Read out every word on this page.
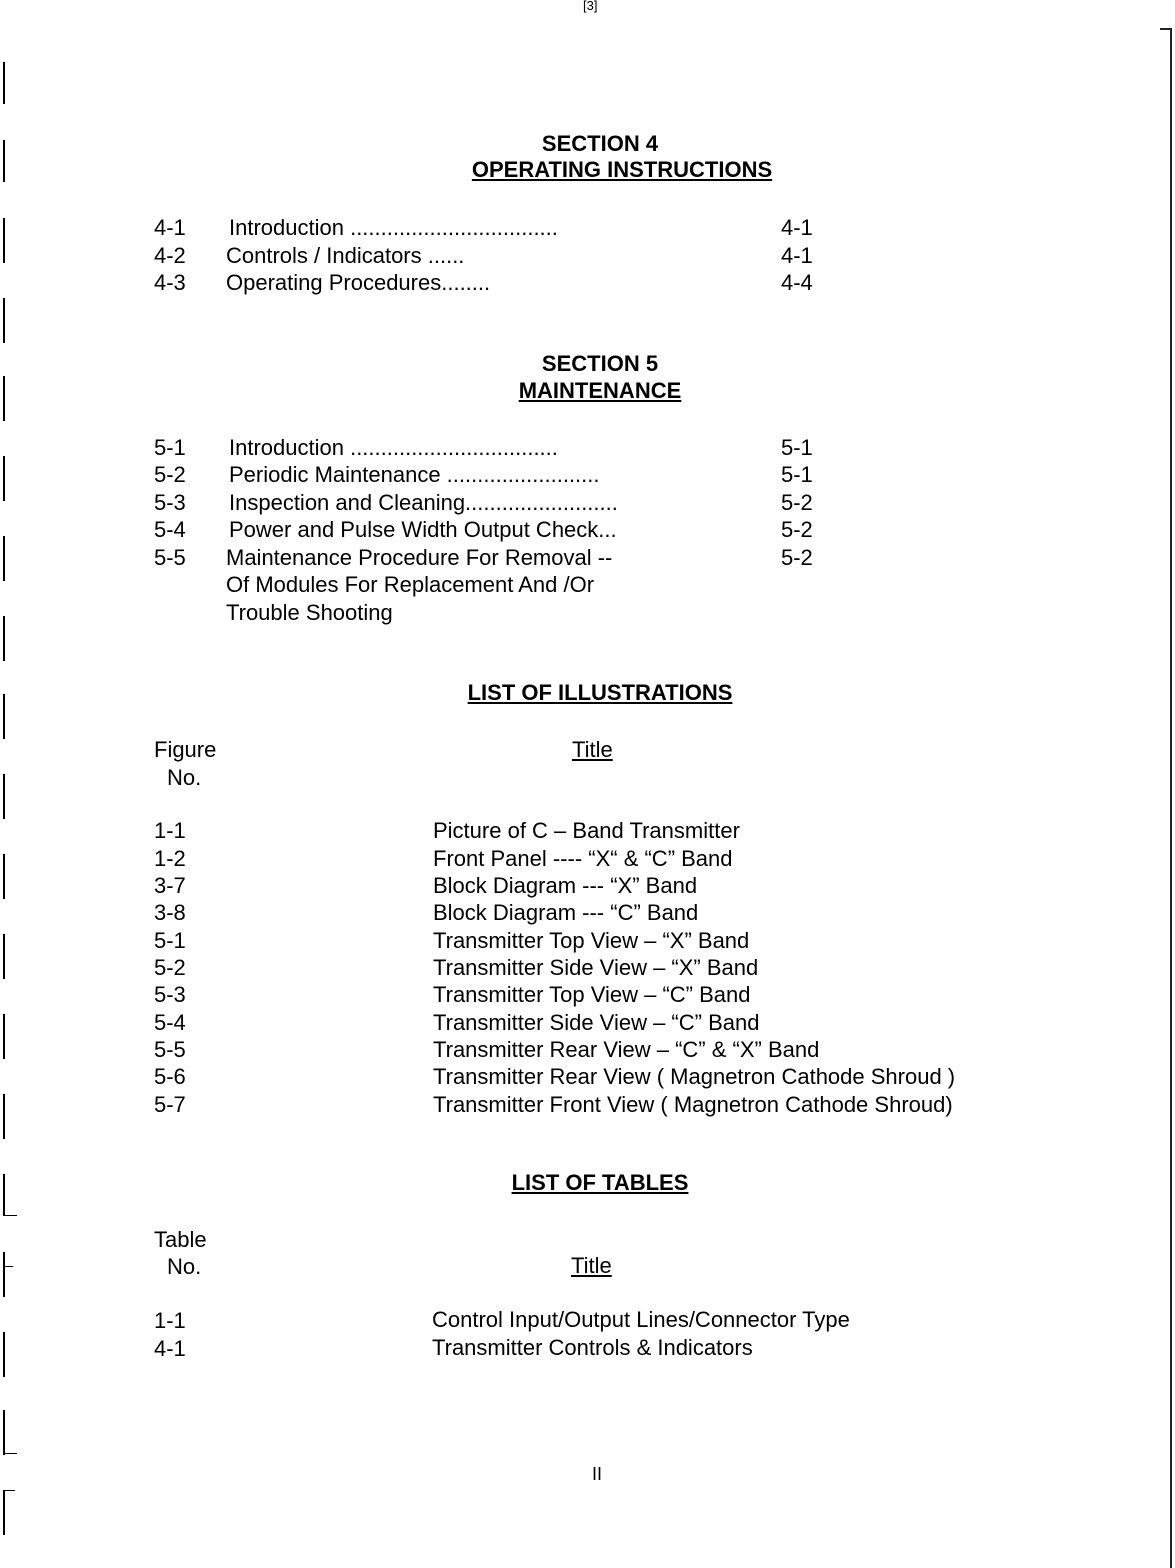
[3]
SECTION 4
OPERATING INSTRUCTIONS
4-1 Introduction ..................................	4-1
4-2 Controls / Indicators ......	4-1
4-3 Operating Procedures........	4-4
SECTION 5
MAINTENANCE
5-1 Introduction ..................................	5-1
5-2 Periodic Maintenance .........................	5-1
5-3 Inspection and Cleaning.........................	5-2
5-4 Power and Pulse Width Output Check...	5-2
5-5 Maintenance Procedure For Removal --	5-2
Of Modules For Replacement And /Or
Trouble Shooting
LIST OF ILLUSTRATIONS
Figure
No.
Title
1-1	Picture of C – Band Transmitter
1-2	Front Panel ---- “X“ & “C” Band
3-7	Block Diagram --- “X” Band
3-8	Block Diagram --- “C” Band
5-1	Transmitter Top View – “X” Band
5-2	Transmitter Side View – “X” Band
5-3	Transmitter Top View – “C” Band
5-4	Transmitter Side View – “C” Band
5-5	Transmitter Rear View – “C” & “X” Band
5-6	Transmitter Rear View ( Magnetron Cathode Shroud )
5-7	Transmitter Front View ( Magnetron Cathode Shroud)
LIST OF TABLES
Table
No.	Title
1-1	Control Input/Output Lines/Connector Type
4-1	Transmitter Controls & Indicators
II
